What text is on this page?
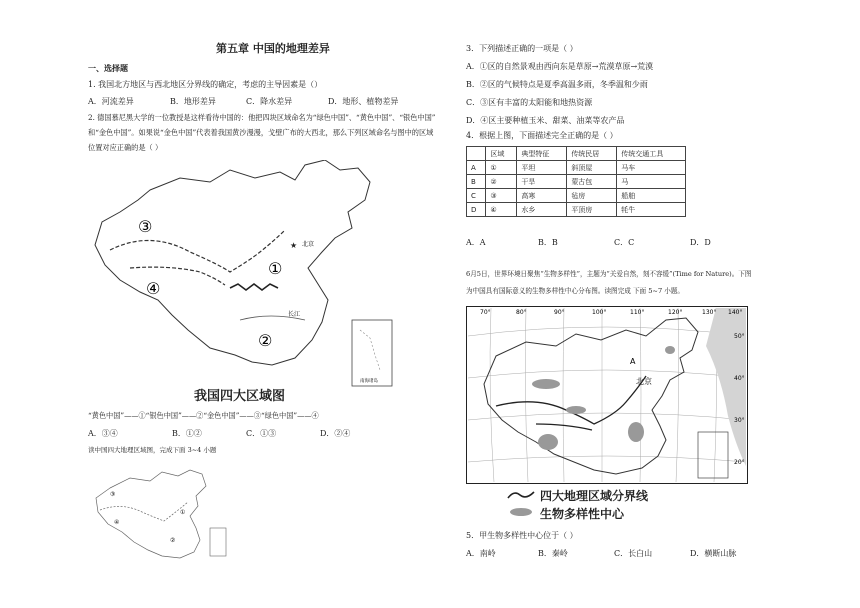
第五章 中国的地理差异
一、选择题
1. 我国北方地区与西北地区分界线的确定，考虑的主导因素是（）
A．河流差异	B．地形差异	C．降水差异	D．地形、植物差异
2. 德国慕尼黑大学的一位教授是这样看待中国的：他把四块区域命名为“绿色中国”、“黄色中国”、“银色中国”
和“金色中国”。如果说“金色中国”代表着我国黄沙漫漫，戈壁广布的大西北，那么下列区域命名与图中的区域
位置对应正确的是（ ）
③
①
④
②
★ 北京
长江
南海诸岛
我国四大区域图
“黄色中国”——①“银色中国”——②“金色中国”——③“绿色中国”——④
A．③④	B．①②	C．①③	D．②④
读中国四大地理区域图，完成下面 3~4 小题
③
①
④
②
3．下列描述正确的一项是（ ）
A．①区的自然景观由西向东是草原→荒漠草原→荒漠
B．②区的气候特点是夏季高温多雨，冬季温和少雨
C．③区有丰富的太阳能和地热资源
D．④区主要种植玉米、甜菜、油菜等农产品
4．根据上图，下面描述完全正确的是（ ）
	区域	典型特征	传统民居	传统交通工具
A	①	平坦	斜顶屋	马车
B	②	干旱	蒙古包	马
C	③	高寒	毡房	船舶
D	④	水乡	平顶房	牦牛
A．A	B．B	C．C	D．D
6月5日，世界环境日聚焦“生物多样性”，主题为“关爱自然，刻不容缓”(Time for Nature)。下图
为中国具有国际意义的生物多样性中心分布图。读图完成 下面 5~7 小题。
70°	80°	90°	100°	110°	120°	130° 140°
50°
40°
30°
20°
北京
A
四大地理区域分界线
生物多样性中心
5．甲生物多样性中心位于（ ）
A．南岭	B．秦岭	C．长白山	D．横断山脉
